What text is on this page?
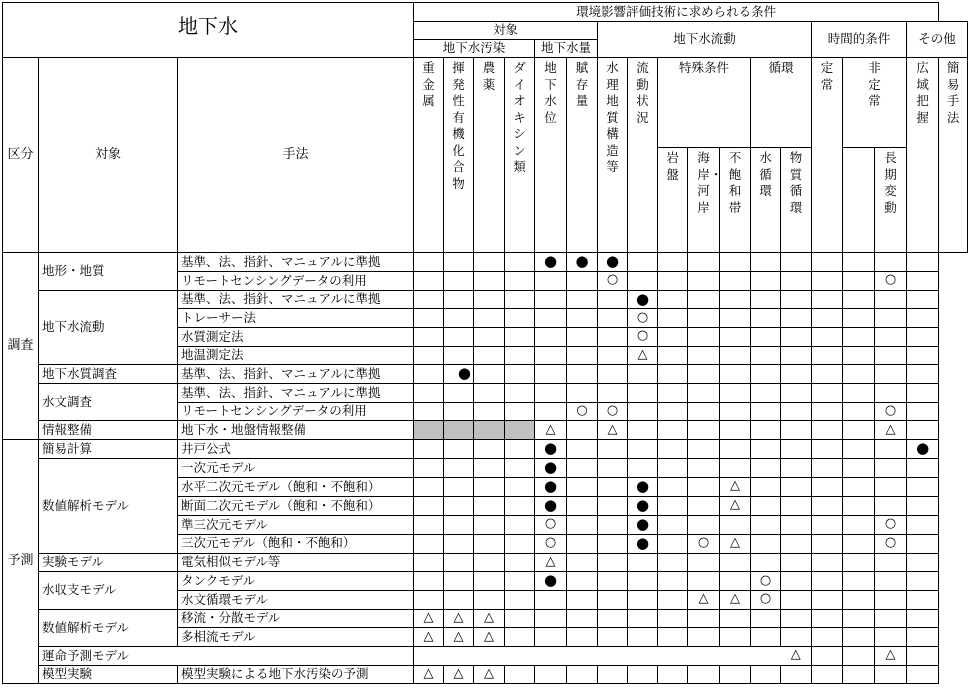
地下水			環境影響評価技術に求められる条件																	
			対象						地下水流動							時間的条件			その他	
			地下水汚染				地下水量													
区分	対象	手法	重金属	揮発性有機化合物	農薬	ダイオキシン類	地下水位	賦存量	水理地質構造等	流動状況	特殊条件			循環		定常	非定常		広域把握	簡易手法

											岩盤	海岸・河岸	不飽和帯	水循環	物質循環			長期変動		

調査	地形・地質	基準、法、指針、マニュアルに準拠					●	●	●											
		リモートセンシングデータの利用							○									○		
	地下水流動	基準、法、指針、マニュアルに準拠								●										
		トレーサー法								○										
		水質測定法								○										
		地温測定法								△										
	地下水質調査	基準、法、指針、マニュアルに準拠		●																
	水文調査	基準、法、指針、マニュアルに準拠																		
		リモートセンシングデータの利用						○	○									○		
	情報整備	地下水・地盤情報整備					△		△									△		
予測	簡易計算	井戸公式					●												●	
	数値解析モデル	一次元モデル					●													
		水平二次元モデル（飽和・不飽和）					●			●			△							
		断面二次元モデル（飽和・不飽和）					●			●			△							
		準三次元モデル					○			●								○		
		三次元モデル（飽和・不飽和）					○			●		○	△					○		
	実験モデル	電気相似モデル等					△													
	水収支モデル	タンクモデル					●							○						
		水文循環モデル										△	△	○						
	数値解析モデル	移流・分散モデル	△	△	△															
		多相流モデル	△	△	△															
	運命予測モデル														△			△		
	模型実験	模型実験による地下水汚染の予測	△	△	△															
